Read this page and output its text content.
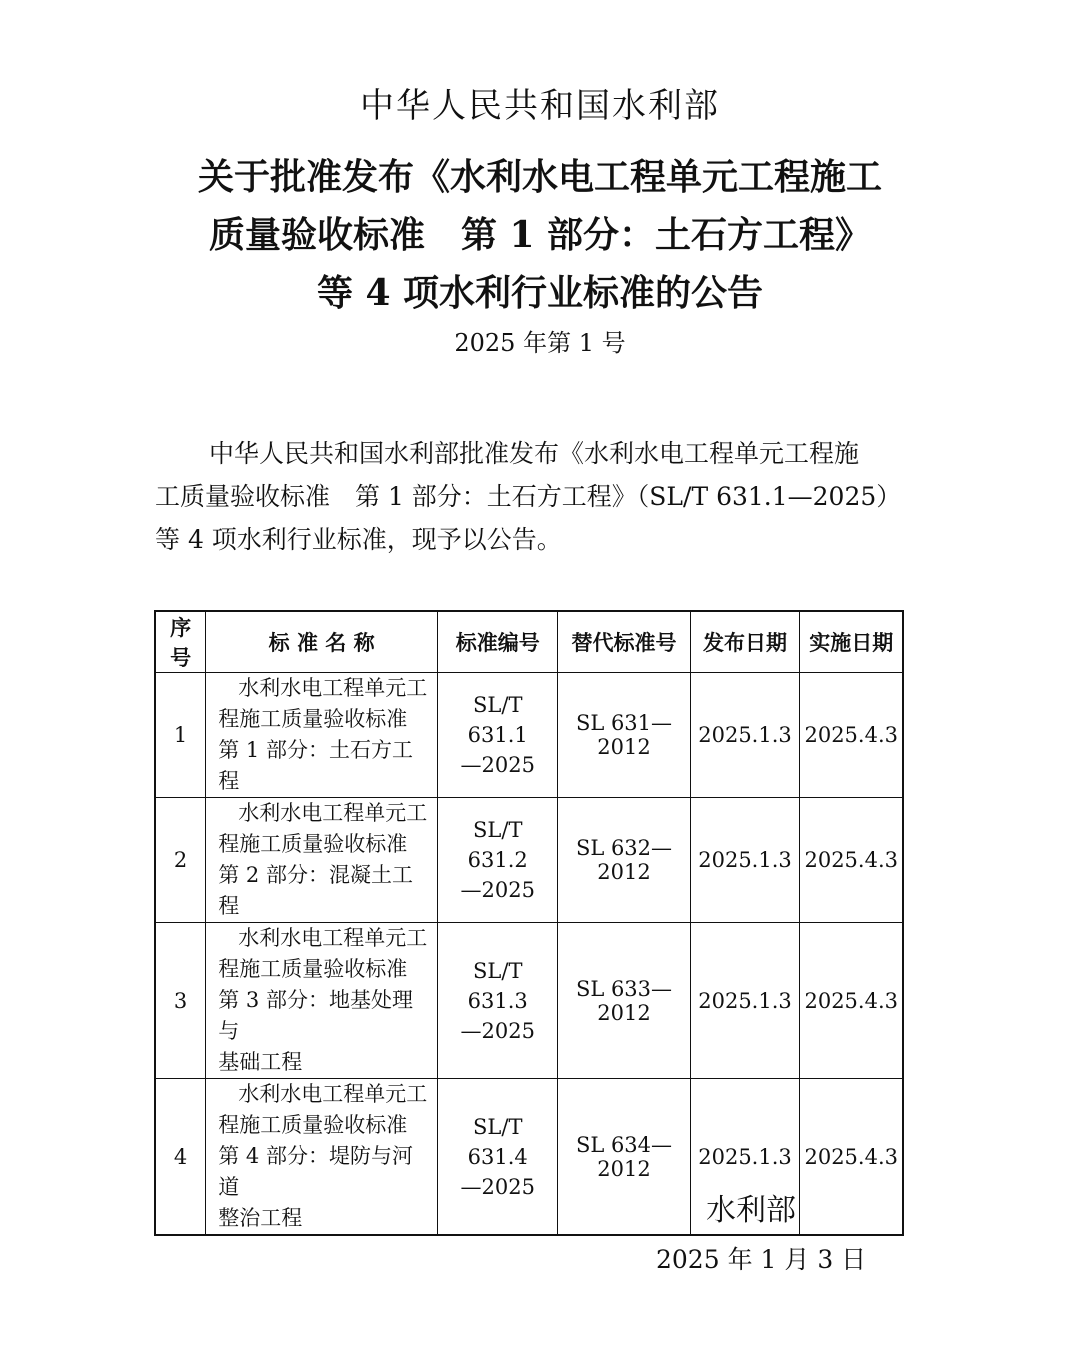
中华人民共和国水利部
关于批准发布《水利水电工程单元工程施工
质量验收标准　第 1 部分：土石方工程》
等 4 项水利行业标准的公告
2025 年第 1 号
中华人民共和国水利部批准发布《水利水电工程单元工程施
工质量验收标准　第 1 部分：土石方工程》（SL/T 631.1—2025）
等 4 项水利行业标准，现予以公告。
序号	标 准 名 称	标准编号	替代标准号	发布日期	实施日期
1	水利水电工程单元工
程施工质量验收标准
第 1 部分：土石方工程	SL/T 631.1
—2025	SL 631—2012	2025.1.3	2025.4.3
2	水利水电工程单元工
程施工质量验收标准
第 2 部分：混凝土工程	SL/T 631.2
—2025	SL 632—2012	2025.1.3	2025.4.3
3	水利水电工程单元工
程施工质量验收标准
第 3 部分：地基处理与
基础工程	SL/T 631.3
—2025	SL 633—2012	2025.1.3	2025.4.3
4	水利水电工程单元工
程施工质量验收标准
第 4 部分：堤防与河道
整治工程	SL/T 631.4
—2025	SL 634—2012	2025.1.3	2025.4.3
水利部
2025 年 1 月 3 日
